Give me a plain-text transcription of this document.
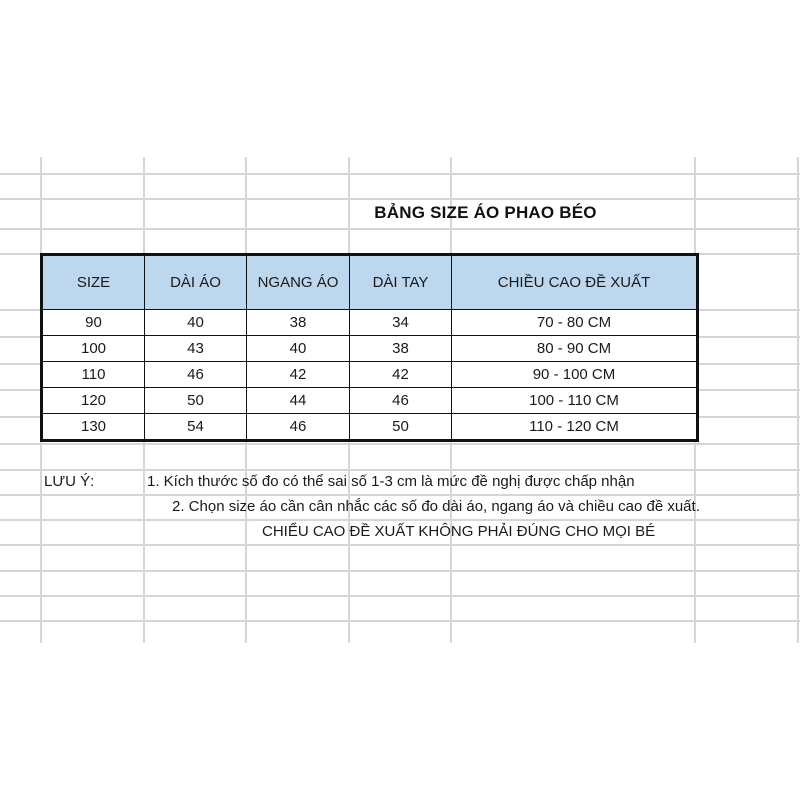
BẢNG SIZE ÁO PHAO BÉO
SIZE	DÀI ÁO	NGANG ÁO	DÀI TAY	CHIỀU CAO ĐỀ XUẤT
90	40	38	34	70 - 80 CM
100	43	40	38	80 - 90 CM
110	46	42	42	90 - 100 CM
120	50	44	46	100 - 110 CM
130	54	46	50	110 - 120 CM
LƯU Ý:	1. Kích thước số đo có thể sai số 1-3 cm là mức đề nghị được chấp nhận
2. Chọn size áo cần cân nhắc các số đo dài áo, ngang áo và chiều cao đề xuất.
CHIỂU CAO ĐỀ XUẤT KHÔNG PHẢI ĐÚNG CHO MỌI BÉ
